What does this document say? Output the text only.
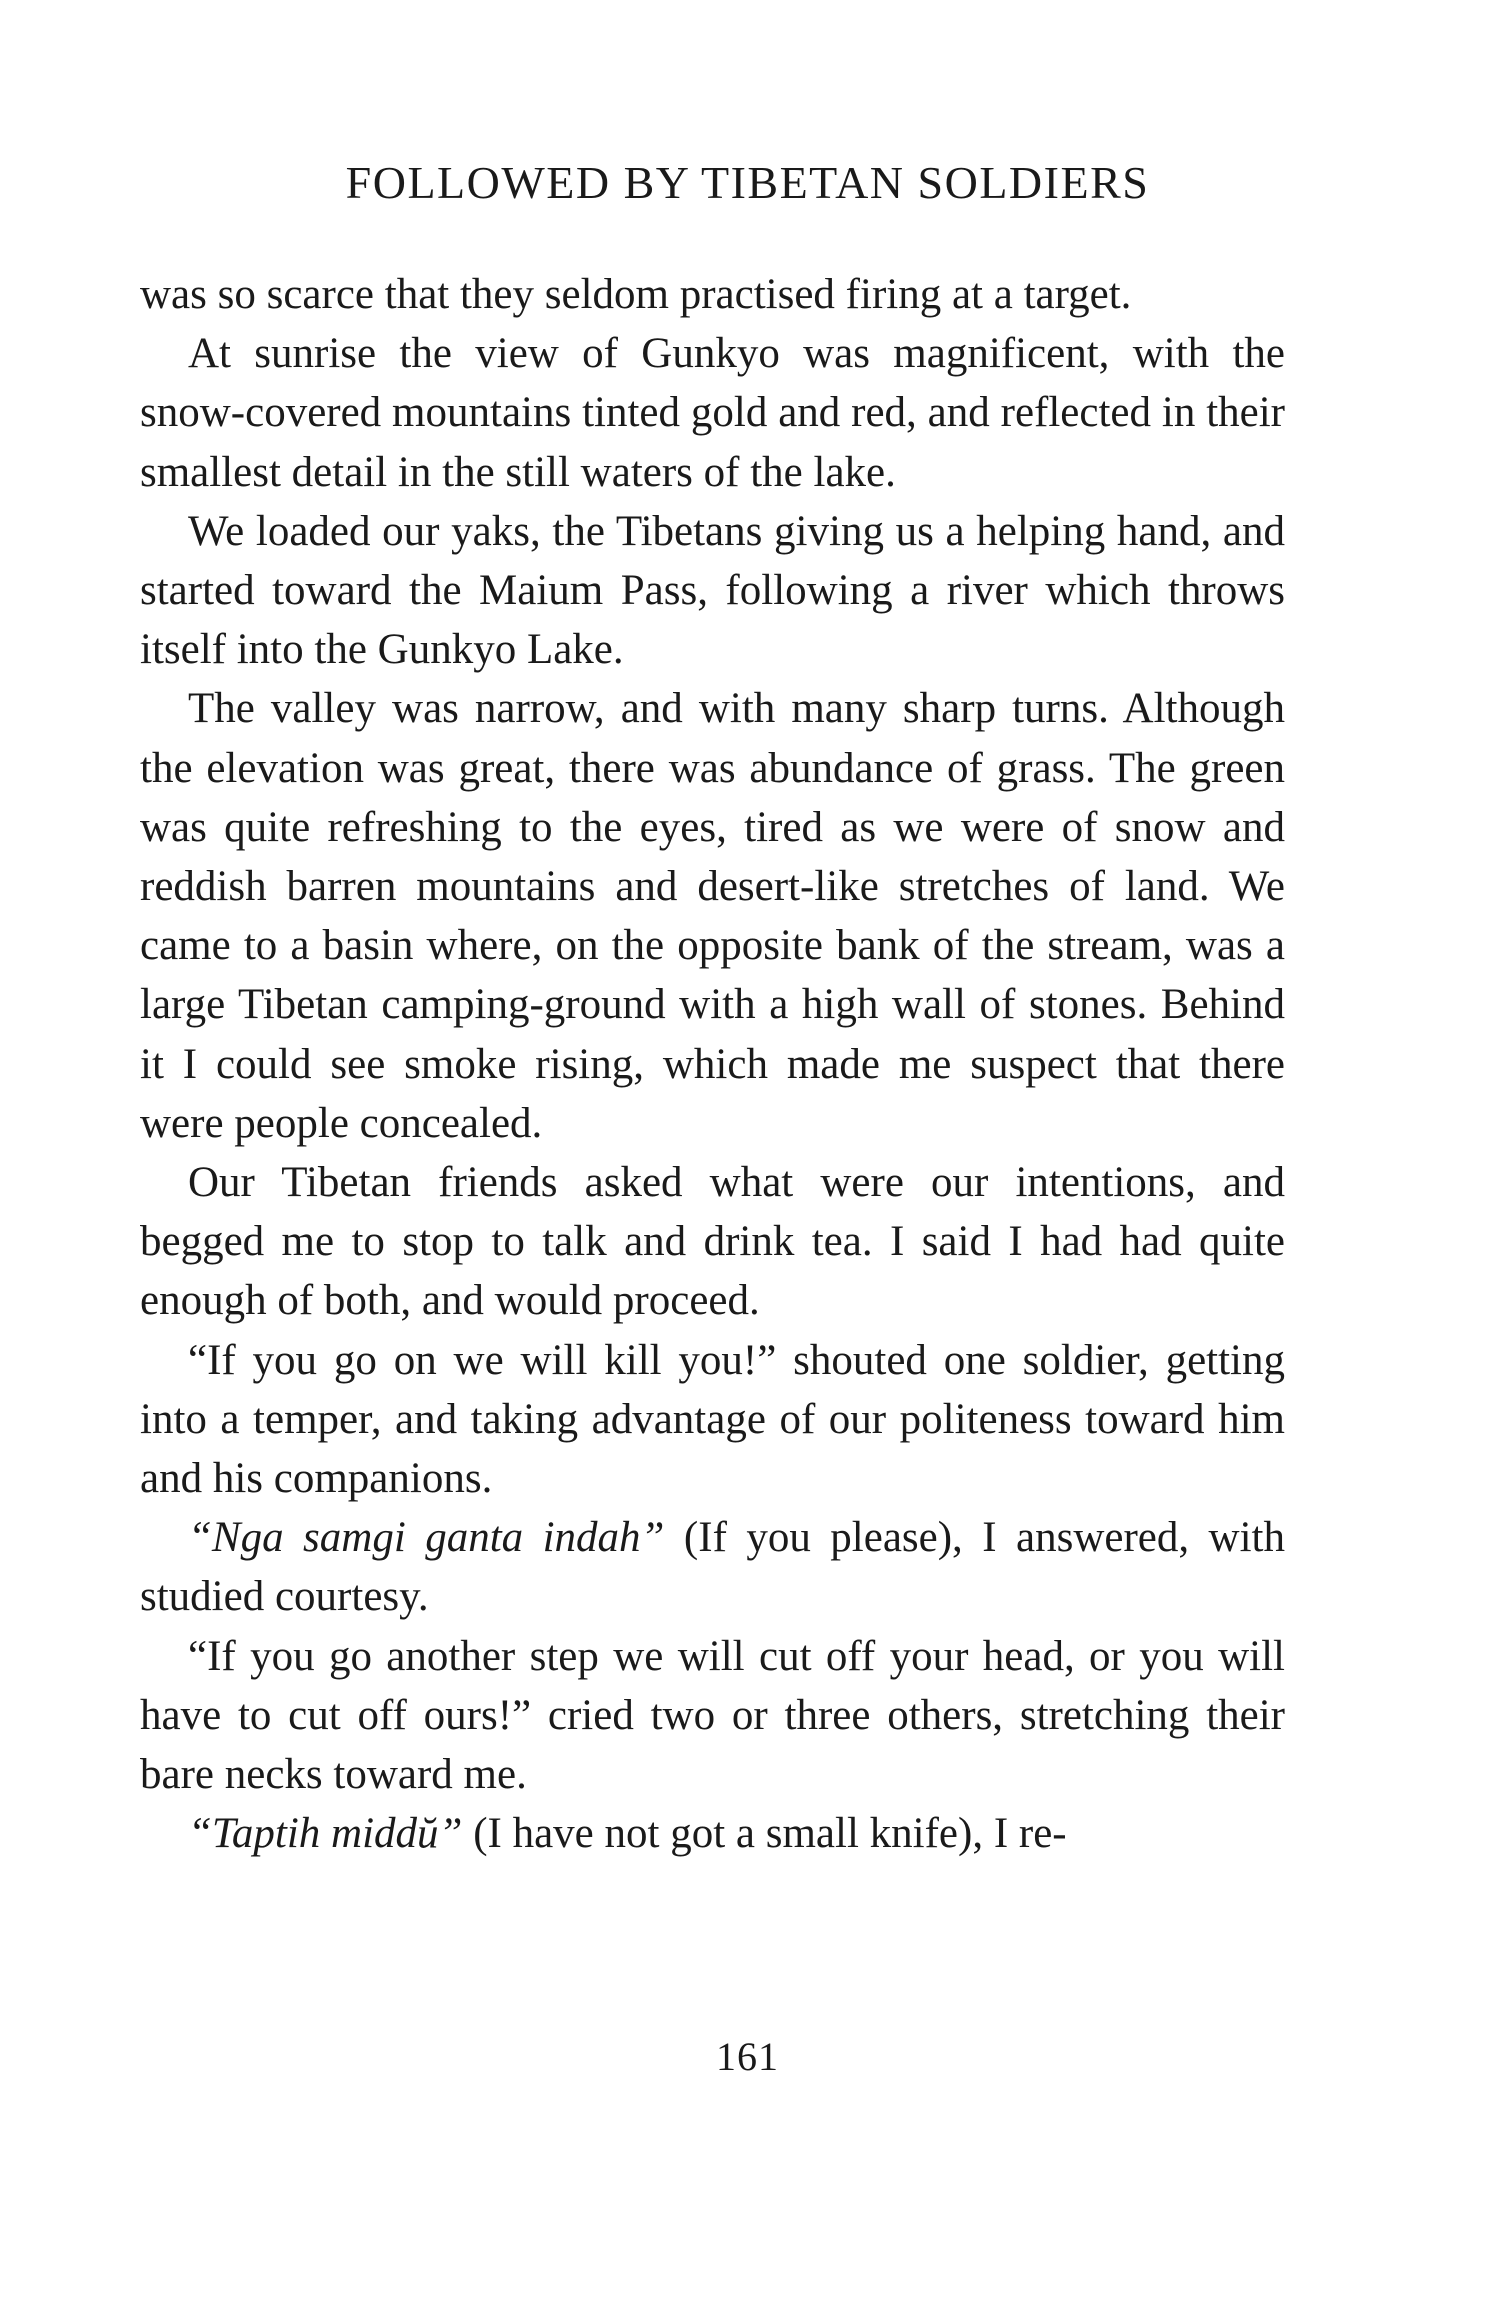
FOLLOWED BY TIBETAN SOLDIERS

was so scarce that they seldom practised firing at a target.

At sunrise the view of Gunkyo was magnificent, with the snow-covered mountains tinted gold and red, and reflected in their smallest detail in the still waters of the lake.

We loaded our yaks, the Tibetans giving us a helping hand, and started toward the Maium Pass, following a river which throws itself into the Gunkyo Lake.

The valley was narrow, and with many sharp turns. Although the elevation was great, there was abundance of grass. The green was quite refreshing to the eyes, tired as we were of snow and reddish barren mountains and desert-like stretches of land. We came to a basin where, on the opposite bank of the stream, was a large Tibetan camping-ground with a high wall of stones. Behind it I could see smoke rising, which made me suspect that there were people concealed.

Our Tibetan friends asked what were our intentions, and begged me to stop to talk and drink tea. I said I had had quite enough of both, and would proceed.

“If you go on we will kill you!” shouted one soldier, getting into a temper, and taking advantage of our politeness toward him and his companions.

“Nga samgi ganta indah” (If you please), I answered, with studied courtesy.

“If you go another step we will cut off your head, or you will have to cut off ours!” cried two or three others, stretching their bare necks toward me.

“Taptih middŭ” (I have not got a small knife), I re-

161
